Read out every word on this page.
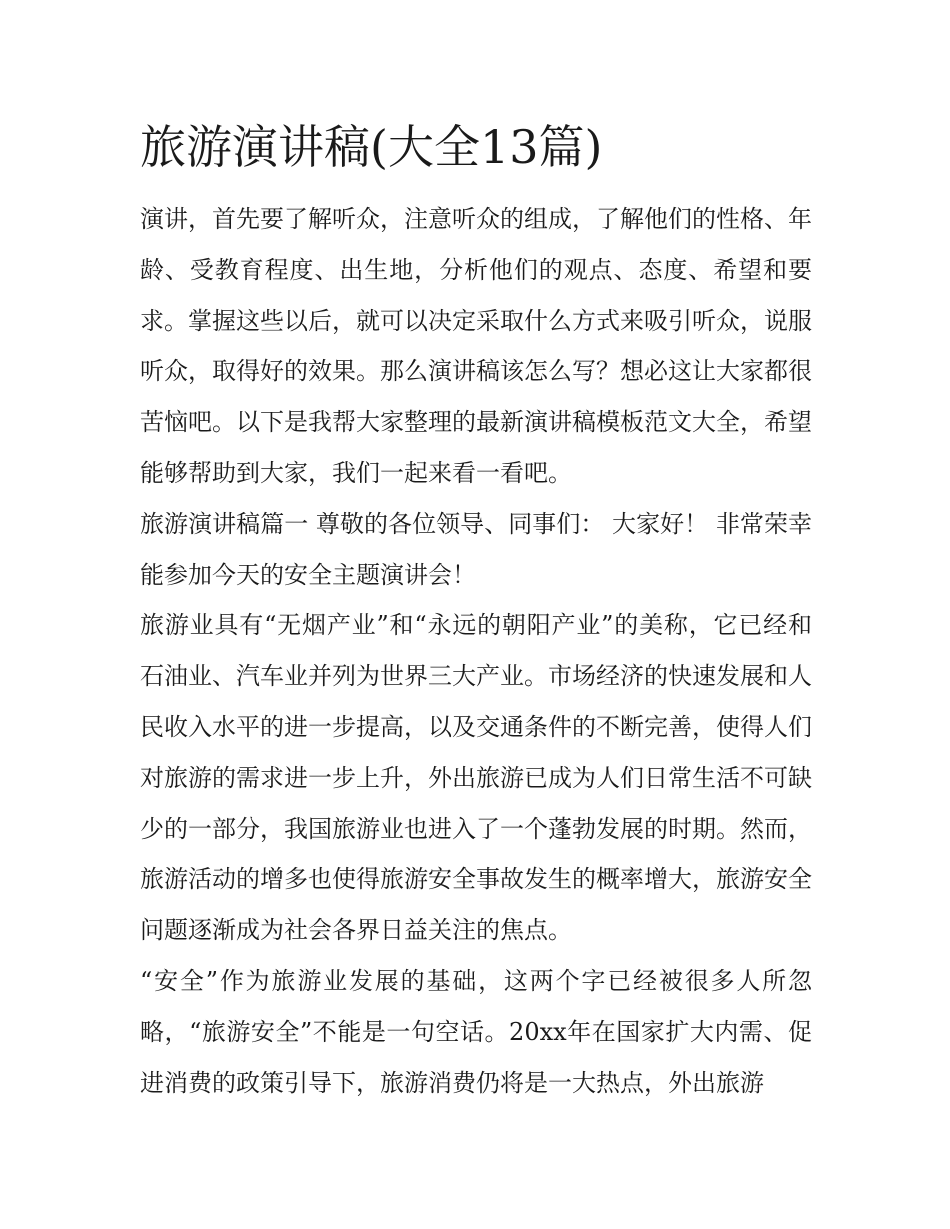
旅游演讲稿(大全13篇)

演讲，首先要了解听众，注意听众的组成，了解他们的性格、年龄、受教育程度、出生地，分析他们的观点、态度、希望和要求。掌握这些以后，就可以决定采取什么方式来吸引听众，说服听众，取得好的效果。那么演讲稿该怎么写？想必这让大家都很苦恼吧。以下是我帮大家整理的最新演讲稿模板范文大全，希望能够帮助到大家，我们一起来看一看吧。

旅游演讲稿篇一 尊敬的各位领导、同事们： 大家好！ 非常荣幸能参加今天的安全主题演讲会！

旅游业具有“无烟产业”和“永远的朝阳产业”的美称，它已经和石油业、汽车业并列为世界三大产业。市场经济的快速发展和人民收入水平的进一步提高，以及交通条件的不断完善，使得人们对旅游的需求进一步上升，外出旅游已成为人们日常生活不可缺少的一部分，我国旅游业也进入了一个蓬勃发展的时期。然而，旅游活动的增多也使得旅游安全事故发生的概率增大，旅游安全问题逐渐成为社会各界日益关注的焦点。

“安全”作为旅游业发展的基础，这两个字已经被很多人所忽略，“旅游安全”不能是一句空话。20xx年在国家扩大内需、促进消费的政策引导下，旅游消费仍将是一大热点，外出旅游
